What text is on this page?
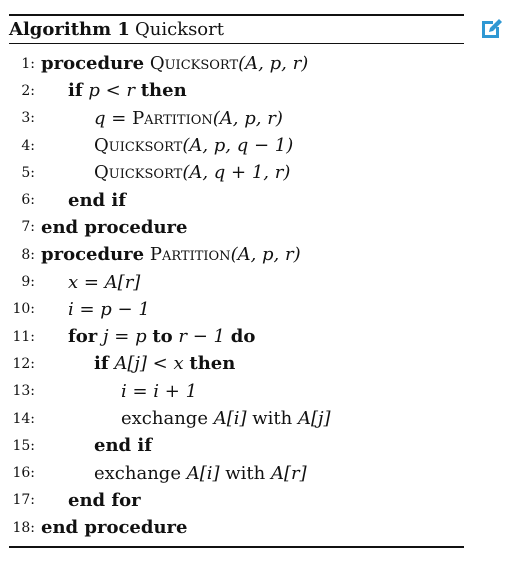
Algorithm 1 Quicksort
1: procedure
Quicksort (A, p, r)
2:	if
p < r
then
3:	q = Partition (A, p, r)
4:	Quicksort (A, p, q − 1)
5:	Quicksort (A, q + 1, r)
6:	end if
7: end procedure
8: procedure
Partition (A, p, r)
9:	x = A[r]
10:	i = p − 1
11:	for
j = p
to
r − 1
do
12:	if
A[j] < x
then
13:	i = i + 1
14:	exchange A[i] with A[j]
15:	end if
16:	exchange A[i] with A[r]
17:	end for
18: end procedure
